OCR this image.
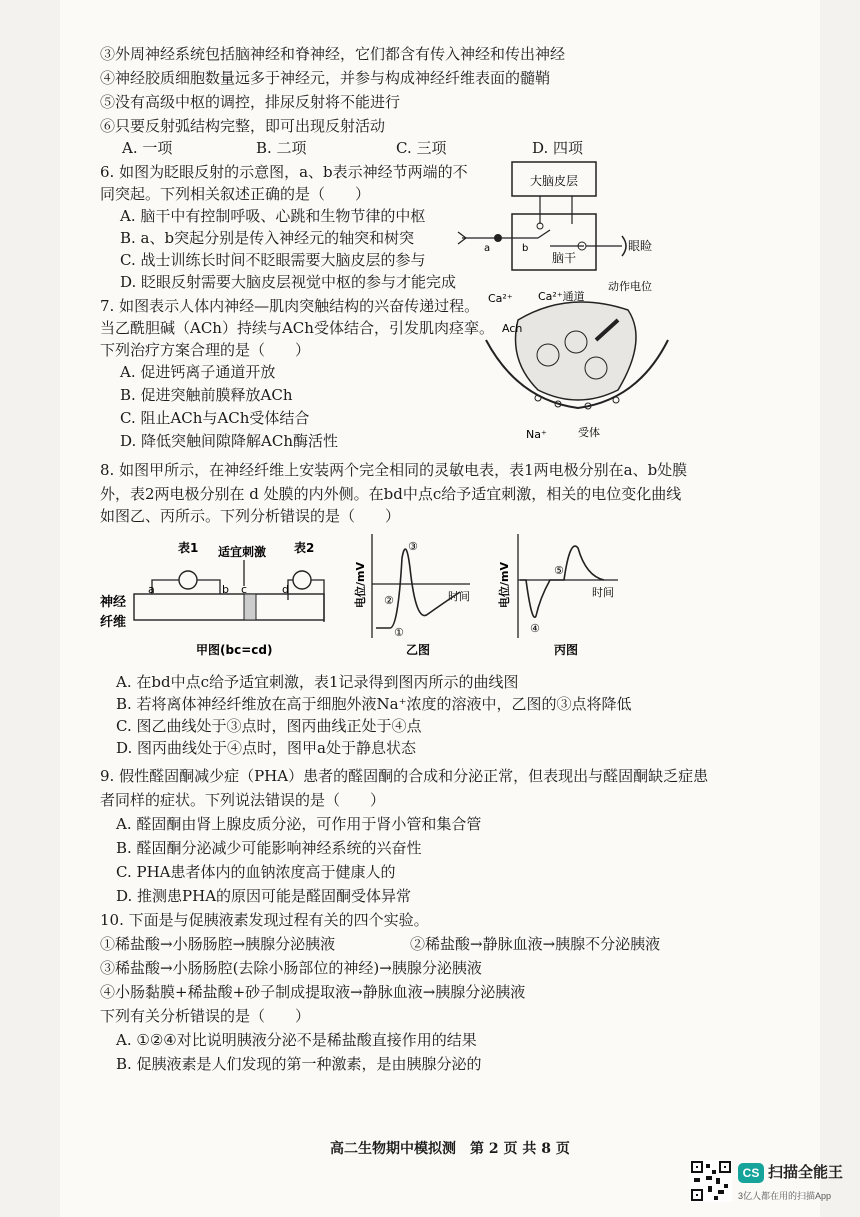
③外周神经系统包括脑神经和脊神经，它们都含有传入神经和传出神经
④神经胶质细胞数量远多于神经元，并参与构成神经纤维表面的髓鞘
⑤没有高级中枢的调控，排尿反射将不能进行
⑥只要反射弧结构完整，即可出现反射活动
A. 一项	B. 二项	C. 三项	D. 四项
6. 如图为眨眼反射的示意图，a、b表示神经节两端的不
同突起。下列相关叙述正确的是（　　）
A. 脑干中有控制呼吸、心跳和生物节律的中枢
B. a、b突起分别是传入神经元的轴突和树突
C. 战士训练长时间不眨眼需要大脑皮层的参与
D. 眨眼反射需要大脑皮层视觉中枢的参与才能完成
大脑皮层
脑干
眼睑
a	b
7. 如图表示人体内神经—肌肉突触结构的兴奋传递过程。
当乙酰胆碱（ACh）持续与ACh受体结合，引发肌肉痉挛。
下列治疗方案合理的是（　　）
A. 促进钙离子通道开放
B. 促进突触前膜释放ACh
C. 阻止ACh与ACh受体结合
D. 降低突触间隙降解ACh酶活性
Ca²⁺ Ca²⁺通道
动作电位
Ach
Na⁺	受体
8. 如图甲所示，在神经纤维上安装两个完全相同的灵敏电表，表1两电极分别在a、b处膜
外，表2两电极分别在 d 处膜的内外侧。在bd中点c给予适宜刺激，相关的电位变化曲线
如图乙、丙所示。下列分析错误的是（　　）
表1	表2
适宜刺激
a	b c	d
神经
纤维
甲图(bc=cd)
电位/mV	时间
①
②
③
乙图
电位/mV	时间
④
⑤
丙图
A. 在bd中点c给予适宜刺激，表1记录得到图丙所示的曲线图
B. 若将离体神经纤维放在高于细胞外液Na⁺浓度的溶液中，乙图的③点将降低
C. 图乙曲线处于③点时，图丙曲线正处于④点
D. 图丙曲线处于④点时，图甲a处于静息状态
9. 假性醛固酮减少症（PHA）患者的醛固酮的合成和分泌正常，但表现出与醛固酮缺乏症患
者同样的症状。下列说法错误的是（　　）
A. 醛固酮由肾上腺皮质分泌，可作用于肾小管和集合管
B. 醛固酮分泌减少可能影响神经系统的兴奋性
C. PHA患者体内的血钠浓度高于健康人的
D. 推测患PHA的原因可能是醛固酮受体异常
10. 下面是与促胰液素发现过程有关的四个实验。
①稀盐酸→小肠肠腔→胰腺分泌胰液	②稀盐酸→静脉血液→胰腺不分泌胰液
③稀盐酸→小肠肠腔(去除小肠部位的神经)→胰腺分泌胰液
④小肠黏膜+稀盐酸+砂子制成提取液→静脉血液→胰腺分泌胰液
下列有关分析错误的是（　　）
A. ①②④对比说明胰液分泌不是稀盐酸直接作用的结果
B. 促胰液素是人们发现的第一种激素，是由胰腺分泌的
高二生物期中模拟测　第 2 页 共 8 页
CS 扫描全能王
3亿人都在用的扫描App
